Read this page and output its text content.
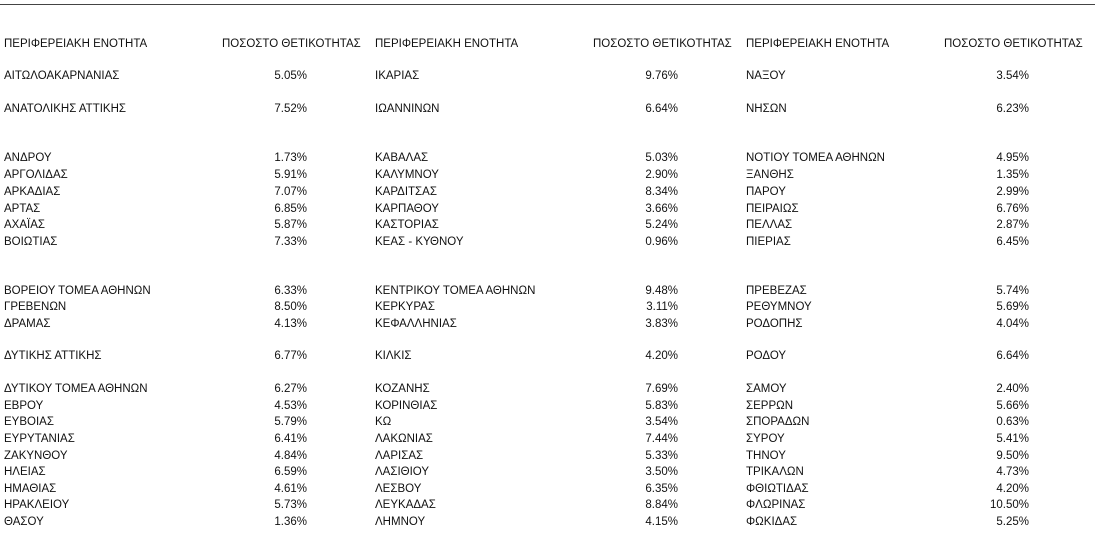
ΠΕΡΙΦΕΡΕΙΑΚΗ ΕΝΟΤΗΤΑ	ΠΟΣΟΣΤΟ ΘΕΤΙΚΟΤΗΤΑΣ
ΑΙΤΩΛΟΑΚΑΡΝΑΝΙΑΣ	5.05%
ΑΝΑΤΟΛΙΚΗΣ ΑΤΤΙΚΗΣ	7.52%
ΑΝΔΡΟΥ	1.73%
ΑΡΓΟΛΙΔΑΣ	5.91%
ΑΡΚΑΔΙΑΣ	7.07%
ΑΡΤΑΣ	6.85%
ΑΧΑΪΑΣ	5.87%
ΒΟΙΩΤΙΑΣ	7.33%
ΒΟΡΕΙΟΥ ΤΟΜΕΑ ΑΘΗΝΩΝ	6.33%
ΓΡΕΒΕΝΩΝ	8.50%
ΔΡΑΜΑΣ	4.13%
ΔΥΤΙΚΗΣ ΑΤΤΙΚΗΣ	6.77%
ΔΥΤΙΚΟΥ ΤΟΜΕΑ ΑΘΗΝΩΝ	6.27%
ΕΒΡΟΥ	4.53%
ΕΥΒΟΙΑΣ	5.79%
ΕΥΡΥΤΑΝΙΑΣ	6.41%
ΖΑΚΥΝΘΟΥ	4.84%
ΗΛΕΙΑΣ	6.59%
ΗΜΑΘΙΑΣ	4.61%
ΗΡΑΚΛΕΙΟΥ	5.73%
ΘΑΣΟΥ	1.36%
ΠΕΡΙΦΕΡΕΙΑΚΗ ΕΝΟΤΗΤΑ	ΠΟΣΟΣΤΟ ΘΕΤΙΚΟΤΗΤΑΣ
ΙΚΑΡΙΑΣ	9.76%
ΙΩΑΝΝΙΝΩΝ	6.64%
ΚΑΒΑΛΑΣ	5.03%
ΚΑΛΥΜΝΟΥ	2.90%
ΚΑΡΔΙΤΣΑΣ	8.34%
ΚΑΡΠΑΘΟΥ	3.66%
ΚΑΣΤΟΡΙΑΣ	5.24%
ΚΕΑΣ - ΚΥΘΝΟΥ	0.96%
ΚΕΝΤΡΙΚΟΥ ΤΟΜΕΑ ΑΘΗΝΩΝ	9.48%
ΚΕΡΚΥΡΑΣ	3.11%
ΚΕΦΑΛΛΗΝΙΑΣ	3.83%
ΚΙΛΚΙΣ	4.20%
ΚΟΖΑΝΗΣ	7.69%
ΚΟΡΙΝΘΙΑΣ	5.83%
ΚΩ	3.54%
ΛΑΚΩΝΙΑΣ	7.44%
ΛΑΡΙΣΑΣ	5.33%
ΛΑΣΙΘΙΟΥ	3.50%
ΛΕΣΒΟΥ	6.35%
ΛΕΥΚΑΔΑΣ	8.84%
ΛΗΜΝΟΥ	4.15%
ΠΕΡΙΦΕΡΕΙΑΚΗ ΕΝΟΤΗΤΑ	ΠΟΣΟΣΤΟ ΘΕΤΙΚΟΤΗΤΑΣ
ΝΑΞΟΥ	3.54%
ΝΗΣΩΝ	6.23%
ΝΟΤΙΟΥ ΤΟΜΕΑ ΑΘΗΝΩΝ	4.95%
ΞΑΝΘΗΣ	1.35%
ΠΑΡΟΥ	2.99%
ΠΕΙΡΑΙΩΣ	6.76%
ΠΕΛΛΑΣ	2.87%
ΠΙΕΡΙΑΣ	6.45%
ΠΡΕΒΕΖΑΣ	5.74%
ΡΕΘΥΜΝΟΥ	5.69%
ΡΟΔΟΠΗΣ	4.04%
ΡΟΔΟΥ	6.64%
ΣΑΜΟΥ	2.40%
ΣΕΡΡΩΝ	5.66%
ΣΠΟΡΑΔΩΝ	0.63%
ΣΥΡΟΥ	5.41%
ΤΗΝΟΥ	9.50%
ΤΡΙΚΑΛΩΝ	4.73%
ΦΘΙΩΤΙΔΑΣ	4.20%
ΦΛΩΡΙΝΑΣ	10.50%
ΦΩΚΙΔΑΣ	5.25%
